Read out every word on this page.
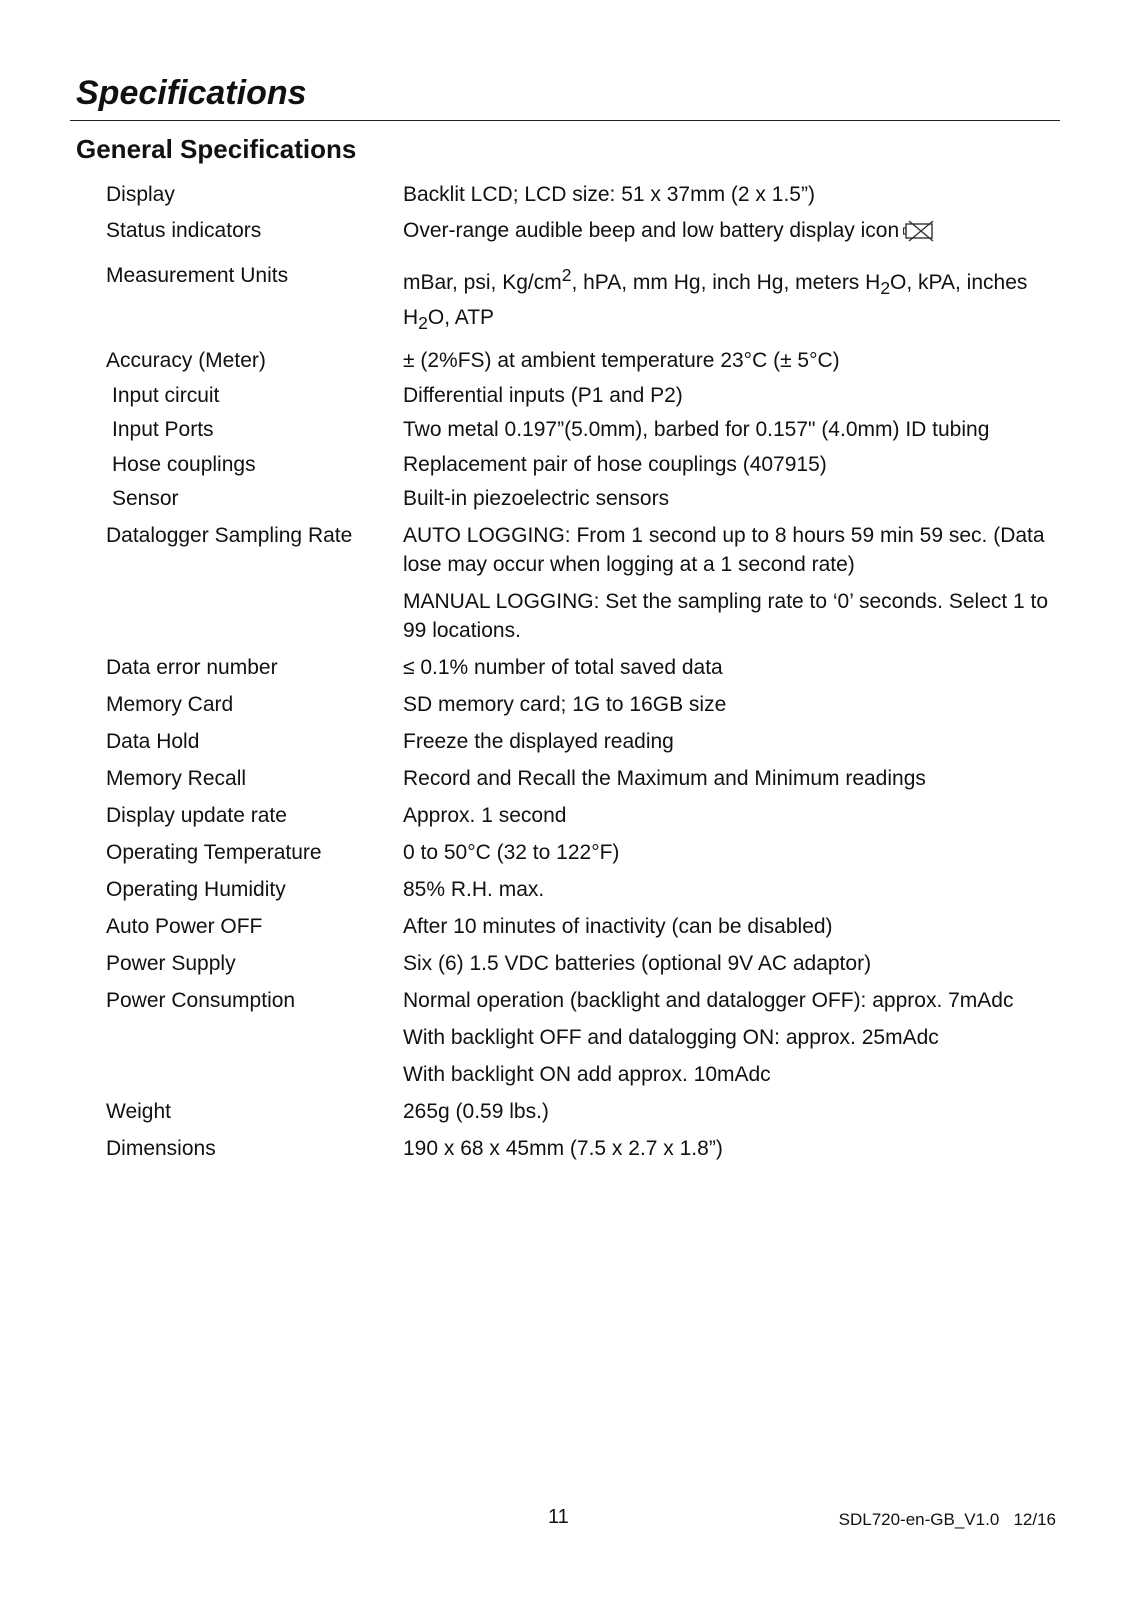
Specifications
General Specifications
Display	Backlit LCD; LCD size: 51 x 37mm (2 x 1.5”)
Status indicators	Over-range audible beep and low battery display icon
Measurement Units	mBar, psi, $Kg/cm^2$, hPA, mm Hg, inch Hg, meters $H_2O$, kPA, inches $H_2O$, ATP
Accuracy (Meter)	± (2%FS) at ambient temperature 23°C (± 5°C)
Input circuit	Differential inputs (P1 and P2)
Input Ports	Two metal 0.197”(5.0mm), barbed for 0.157" (4.0mm) ID tubing
Hose couplings	Replacement pair of hose couplings (407915)
Sensor	Built-in piezoelectric sensors
Datalogger Sampling Rate	AUTO LOGGING: From 1 second up to 8 hours 59 min 59 sec. (Data lose may occur when logging at a 1 second rate)
MANUAL LOGGING: Set the sampling rate to ‘0’ seconds. Select 1 to 99 locations.
Data error number	≤ 0.1% number of total saved data
Memory Card	SD memory card; 1G to 16GB size
Data Hold	Freeze the displayed reading
Memory Recall	Record and Recall the Maximum and Minimum readings
Display update rate	Approx. 1 second
Operating Temperature	0 to 50°C (32 to 122°F)
Operating Humidity	85% R.H. max.
Auto Power OFF	After 10 minutes of inactivity (can be disabled)
Power Supply	Six (6) 1.5 VDC batteries (optional 9V AC adaptor)
Power Consumption	Normal operation (backlight and datalogger OFF): approx. 7mAdc
With backlight OFF and datalogging ON: approx. 25mAdc
With backlight ON add approx. 10mAdc
Weight	265g (0.59 lbs.)
Dimensions	190 x 68 x 45mm (7.5 x 2.7 x 1.8”)
11	SDL720-en-GB_V1.0   12/16
